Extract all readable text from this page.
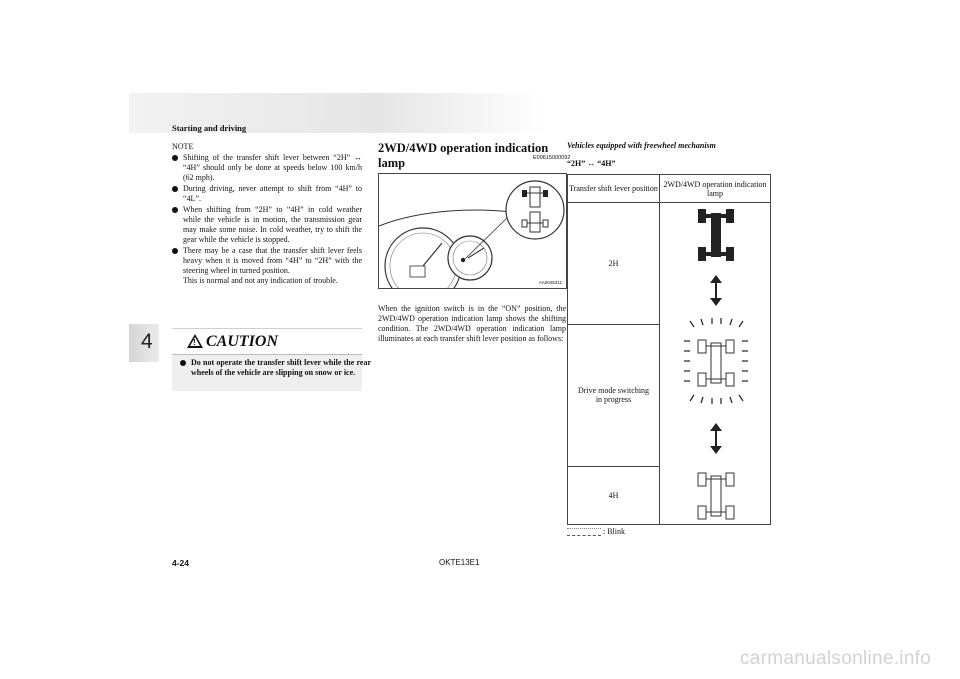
Starting and driving
4
NOTE
Shifting of the transfer shift lever between “2H” ↔ “4H” should only be done at speeds below 100 km/h (62 mph).
During driving, never attempt to shift from “4H” to “4L”.
When shifting from “2H” to “4H” in cold weather while the vehicle is in motion, the transmission gear may make some noise. In cold weather, try to shift the gear while the vehicle is stopped.
There may be a case that the transfer shift lever feels heavy when it is moved from “4H” to “2H” with the steering wheel in turned position.
This is normal and not any indication of trouble.
! CAUTION
Do not operate the transfer shift lever while the rear wheels of the vehicle are slipping on snow or ice.
2WD/4WD operation indication lamp	E00615000092
AA0045311
When the ignition switch is in the “ON” position, the 2WD/4WD operation indication lamp shows the shifting condition. The 2WD/4WD operation indication lamp illuminates at each transfer shift lever position as follows:
Vehicles equipped with freewheel mechanism
“2H” ↔ “4H”
Transfer shift lever position	2WD/4WD operation indication lamp
2H	
Drive mode switching in progress	
4H	
: Blink
4-24	OKTE13E1
carmanualsonline.info
